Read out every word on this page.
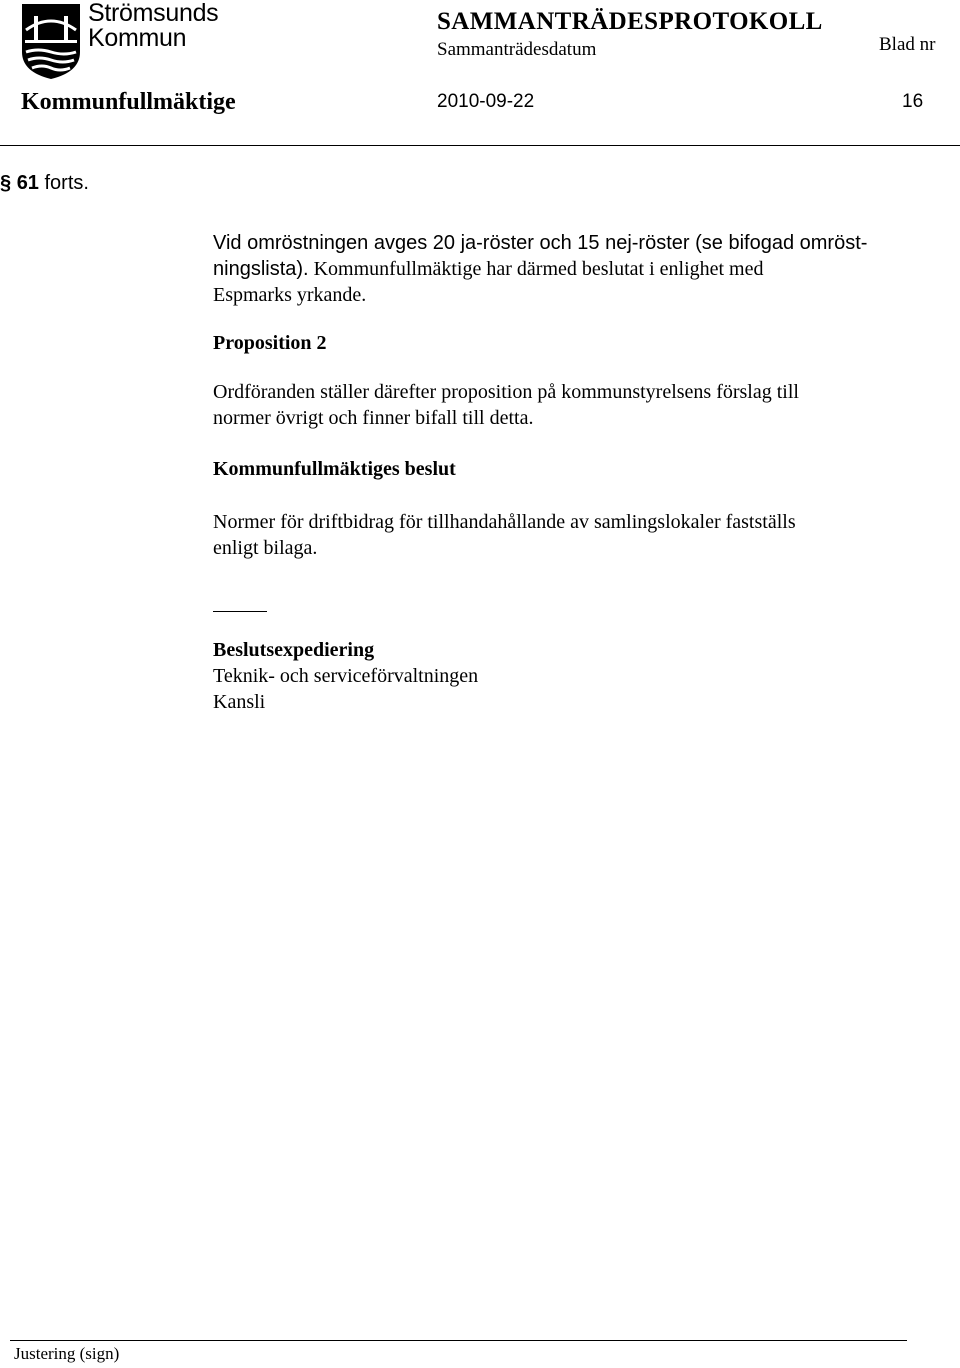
Strömsunds
Kommun
SAMMANTRÄDESPROTOKOLL
Sammanträdesdatum	Blad nr
Kommunfullmäktige	2010-09-22	16
§ 61 forts.
Vid omröstningen avges 20 ja-röster och 15 nej-röster (se bifogad omröst-
ningslista). Kommunfullmäktige har därmed beslutat i enlighet med
Espmarks yrkande.
Proposition 2
Ordföranden ställer därefter proposition på kommunstyrelsens förslag till
normer övrigt och finner bifall till detta.
Kommunfullmäktiges beslut
Normer för driftbidrag för tillhandahållande av samlingslokaler fastställs
enligt bilaga.
Beslutsexpediering
Teknik- och serviceförvaltningen
Kansli
Justering (sign)
